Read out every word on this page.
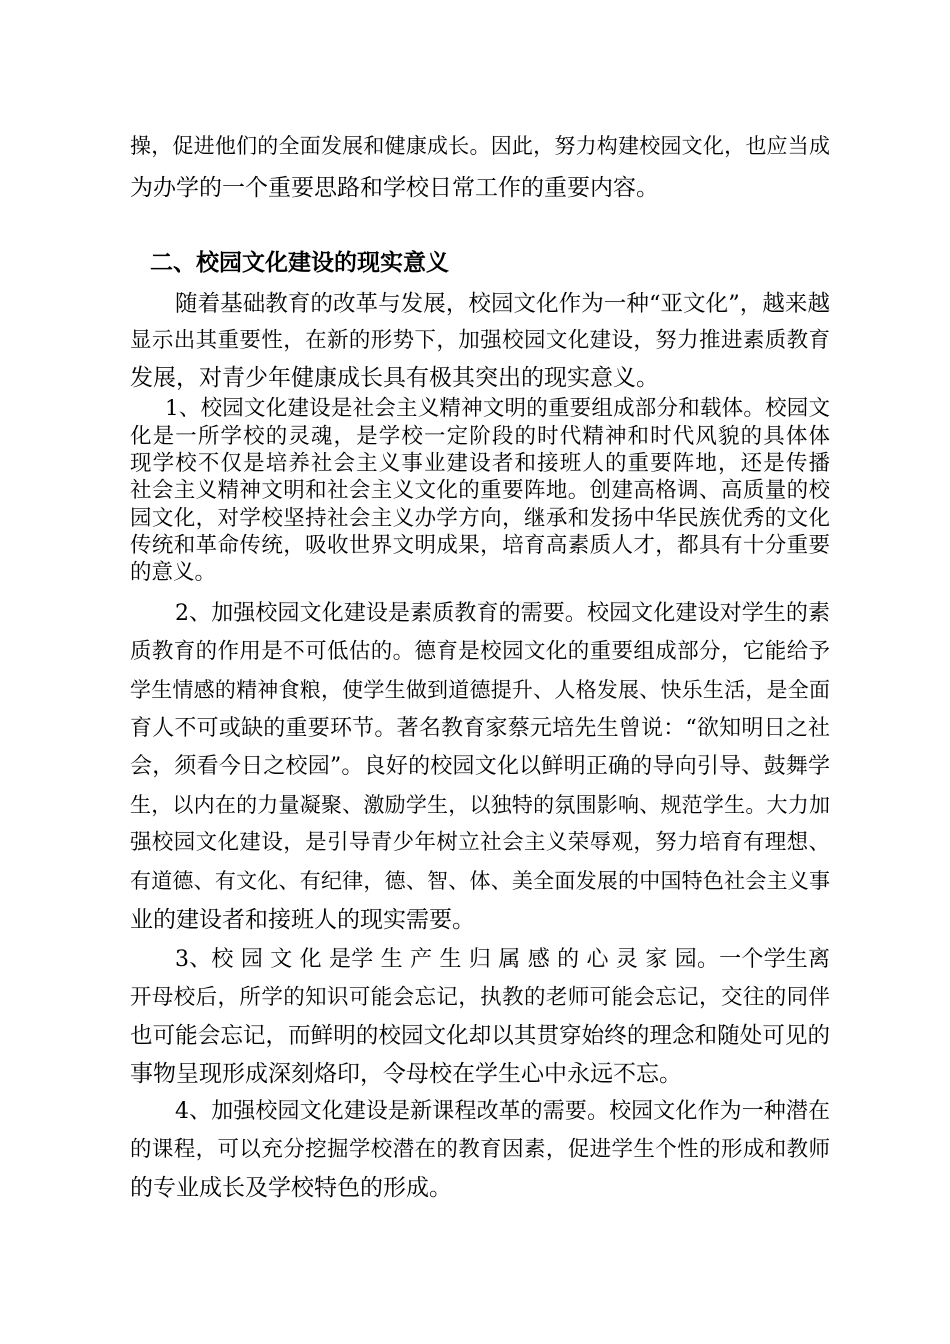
操，促进他们的全面发展和健康成长。因此，努力构建校园文化，也应当成
为办学的一个重要思路和学校日常工作的重要内容。
二、校园文化建设的现实意义
随着基础教育的改革与发展，校园文化作为一种“亚文化”，越来越
显示出其重要性，在新的形势下，加强校园文化建设，努力推进素质教育
发展，对青少年健康成长具有极其突出的现实意义。
1、校园文化建设是社会主义精神文明的重要组成部分和载体。校园文
化是一所学校的灵魂，是学校一定阶段的时代精神和时代风貌的具体体
现学校不仅是培养社会主义事业建设者和接班人的重要阵地，还是传播
社会主义精神文明和社会主义文化的重要阵地。创建高格调、高质量的校
园文化，对学校坚持社会主义办学方向，继承和发扬中华民族优秀的文化
传统和革命传统，吸收世界文明成果，培育高素质人才，都具有十分重要
的意义。
2、加强校园文化建设是素质教育的需要。校园文化建设对学生的素
质教育的作用是不可低估的。德育是校园文化的重要组成部分，它能给予
学生情感的精神食粮，使学生做到道德提升、人格发展、快乐生活，是全面
育人不可或缺的重要环节。著名教育家蔡元培先生曾说：“欲知明日之社
会，须看今日之校园”。良好的校园文化以鲜明正确的导向引导、鼓舞学
生，以内在的力量凝聚、激励学生，以独特的氛围影响、规范学生。大力加
强校园文化建设，是引导青少年树立社会主义荣辱观，努力培育有理想、
有道德、有文化、有纪律，德、智、体、美全面发展的中国特色社会主义事
业的建设者和接班人的现实需要。
3、校 园 文 化 是学 生 产 生 归 属 感 的 心 灵 家 园。一个学生离
开母校后，所学的知识可能会忘记，执教的老师可能会忘记，交往的同伴
也可能会忘记，而鲜明的校园文化却以其贯穿始终的理念和随处可见的
事物呈现形成深刻烙印，令母校在学生心中永远不忘。
4、加强校园文化建设是新课程改革的需要。校园文化作为一种潜在
的课程，可以充分挖掘学校潜在的教育因素，促进学生个性的形成和教师
的专业成长及学校特色的形成。
